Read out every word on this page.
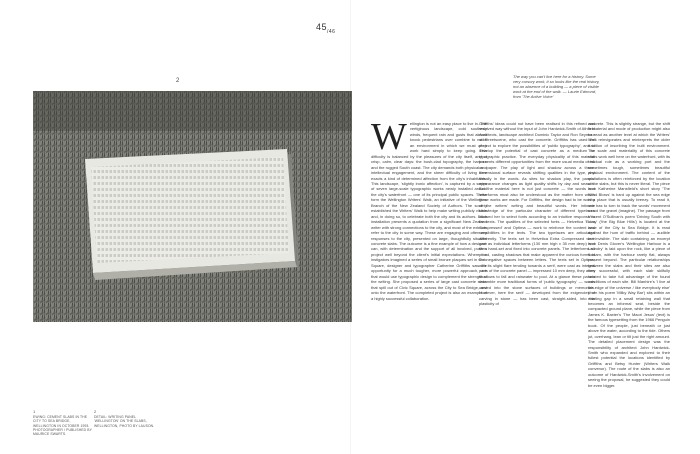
$45_{/46}$
2
The way you can't live here for a history. Some very cursory work, it so looks like the real history, not an absence of a building — a piece of visible work at the end of the walk. — Laurie Edmond, from 'The Active Voice'

Wellington is not an easy place to live in. The vertiginous landscape, cold southerly winds, frequent rain and gusts that almost knock pedestrians over combine to make an environment in which we must often work hard simply to keep going. This difficulty is balanced by the pleasures of the city itself, and of crisp, calm, clear days: the bush-clad topography, the harbour and the rugged South coast. The city demands both physical and intellectual engagement, and the sheer difficulty of living here exacts a kind of determined affection from the city's inhabitants. This landscape, 'slightly ironic affection', is captured by a series of seven large-scale typographic works newly installed around the city's waterfront — one of its principal public spaces. These form the Wellington Writers' Walk, an initiative of the Wellington Branch of the New Zealand Society of Authors. The society established the Writers' Walk to help make writing publicly visible and, in doing so, to celebrate both the city and its authors. Each installation presents a quotation from a significant New Zealand writer with strong connections to the city, and most of the extracts refer to the city in some way. These are engaging and often wry responses to the city, presented on large, thoughtfully situated concrete slabs. The outcome is a fine example of how a designer can, with determination and the support of all involved, push a project well beyond the client's initial expectations. Where the instigators imagined a series of small bronze plaques set in Civic Square, designer and typographer Catherine Griffiths saw the opportunity for a much tougher, more powerful approach, one that would use typographic design to complement the strength of the writing. She proposed a series of large cast concrete slabs that spill out of Civic Square, across the City to Sea Bridge, and onto the waterfront. The completed project is also an example of a highly successful collaboration.

Griffiths' ideas could not have been realised in this refined and resolved way without the input of John Hardwick-Smith of Athfield Architects, landscape architect Dominic Taylor and Ron Seymour of Streetscene, who cast the concrete. Griffiths has used the project to explore the possibilities of 'public typography', and to develop the potential of cast concrete as a medium for typographic practice. The everyday physicality of this material presents different opportunities from the more usual media of ink on paper. The play of light and shadow across a three-dimensional surface reveals shifting qualities in the type, and literally in the words. As sites for shadow play, the panels' appearance changes as light quality shifts by day and season. But the material here is not just concrete — the words and letterforms must also be understood as the matter from which these works are made. For Griffiths, the design had to be worthy of the writers' writing and beautiful words. Her intimate knowledge of the particular character of different typefaces allowed her to select fonts according to an intuitive response to the texts. The qualities of the selected fonts — Helvetica 'Extra Compressed' and Optima — work to reinforce the content and sensibilities in the texts. The two typefaces are articulated differently. The texts set in Helvetica Extra Compressed were cast as individual letterforms (130 mm high x 35 mm deep) and then hand-set and fixed into concrete panels. The letterforms sit proud, casting shadows that make apparent the curious forms of the negative spaces between letters. The texts set in Optima, with its slight flare tending towards a serif, were cast as integral parts of the concrete panel — impressed 10 mm deep, they allow shadows to fall and rainwater to pool. At a glance these panels resemble more traditional forms of 'public typography' — words carved into the stone surfaces of buildings or memorials. However, here the serif — developed from the exigencies of carving in stone — has been cast, straight-sided, into the plasticity of

concrete. This is slightly strange, but the shift in material and mode of production might also be read as another level at which the Writers' Walk reinvigorates and reinterprets the older tradition of inscribing the built environment. The scale and materiality of this concrete slabs work well here on the waterfront, with its residual role as a working port and the sometimes tough, sometimes beautiful physical environment. The content of the quotations is often reinforced by the location of the slabs, but this is never literal. The piece from Katherine Mansfield's short story 'The Wind Blows' is hard up against the sea edge in a place that is usually breezy. To read it, one has to turn to track the words' movement round the gravel (imagine). The passage from Vincent O'Sullivan's poem 'Driving South with Lucy' ('the Big Blue Hills') is located at the base of the City to Sea Bridge. It is read against the hum of traffic behind — audible but invisible. The slab containing an excerpt from Denis Glover's 'Wellington Harbour is a Laundry' is laid upon the rock, like a piece of flotsam, with the harbour rarely flat, always present beyond. The particular relationships between the slabs and their sites are also very successful, with each slab skilfully located to take full advantage of the found conditions of each site. Bill Manhire's 'I live at the edge of the universe / like everybody else' (from his poem 'Milky Way Bar') sits within an existing gap in a small retaining wall that becomes an informal seat, beside the compacted ground plane, while the piece from James K. Baxter's 'The Maori Jesus' (text) is the famous typesetting from the 1966 Penguin book. Of the people, just beneath or just above the water, according to the tide. Others jut, overhang, lean or tilt just the right amount. The detailed placement design was the responsibility of architect John Hardwick-Smith who expanded and explored to their fullest potential the locations identified by Griffiths and Betsy Hunter (Writers Walk convenor). The route of the slabs is also an outcome of Hardwick-Smith's involvement on seeing the proposal, he suggested they could be even bigger.

1
EWING: CEMENT SLABS IN THE CITY TO SEA BRIDGE, WELLINGTON IN OCTOBER 1993. PHOTOGRAPHER / PUBLISHED BY MAURICE SWARTS.
2
DETAIL: WRITING PANEL 'WELLINGTON' ON THE SLABS, WELLINGTON, PHOTO BY LAUSON.
